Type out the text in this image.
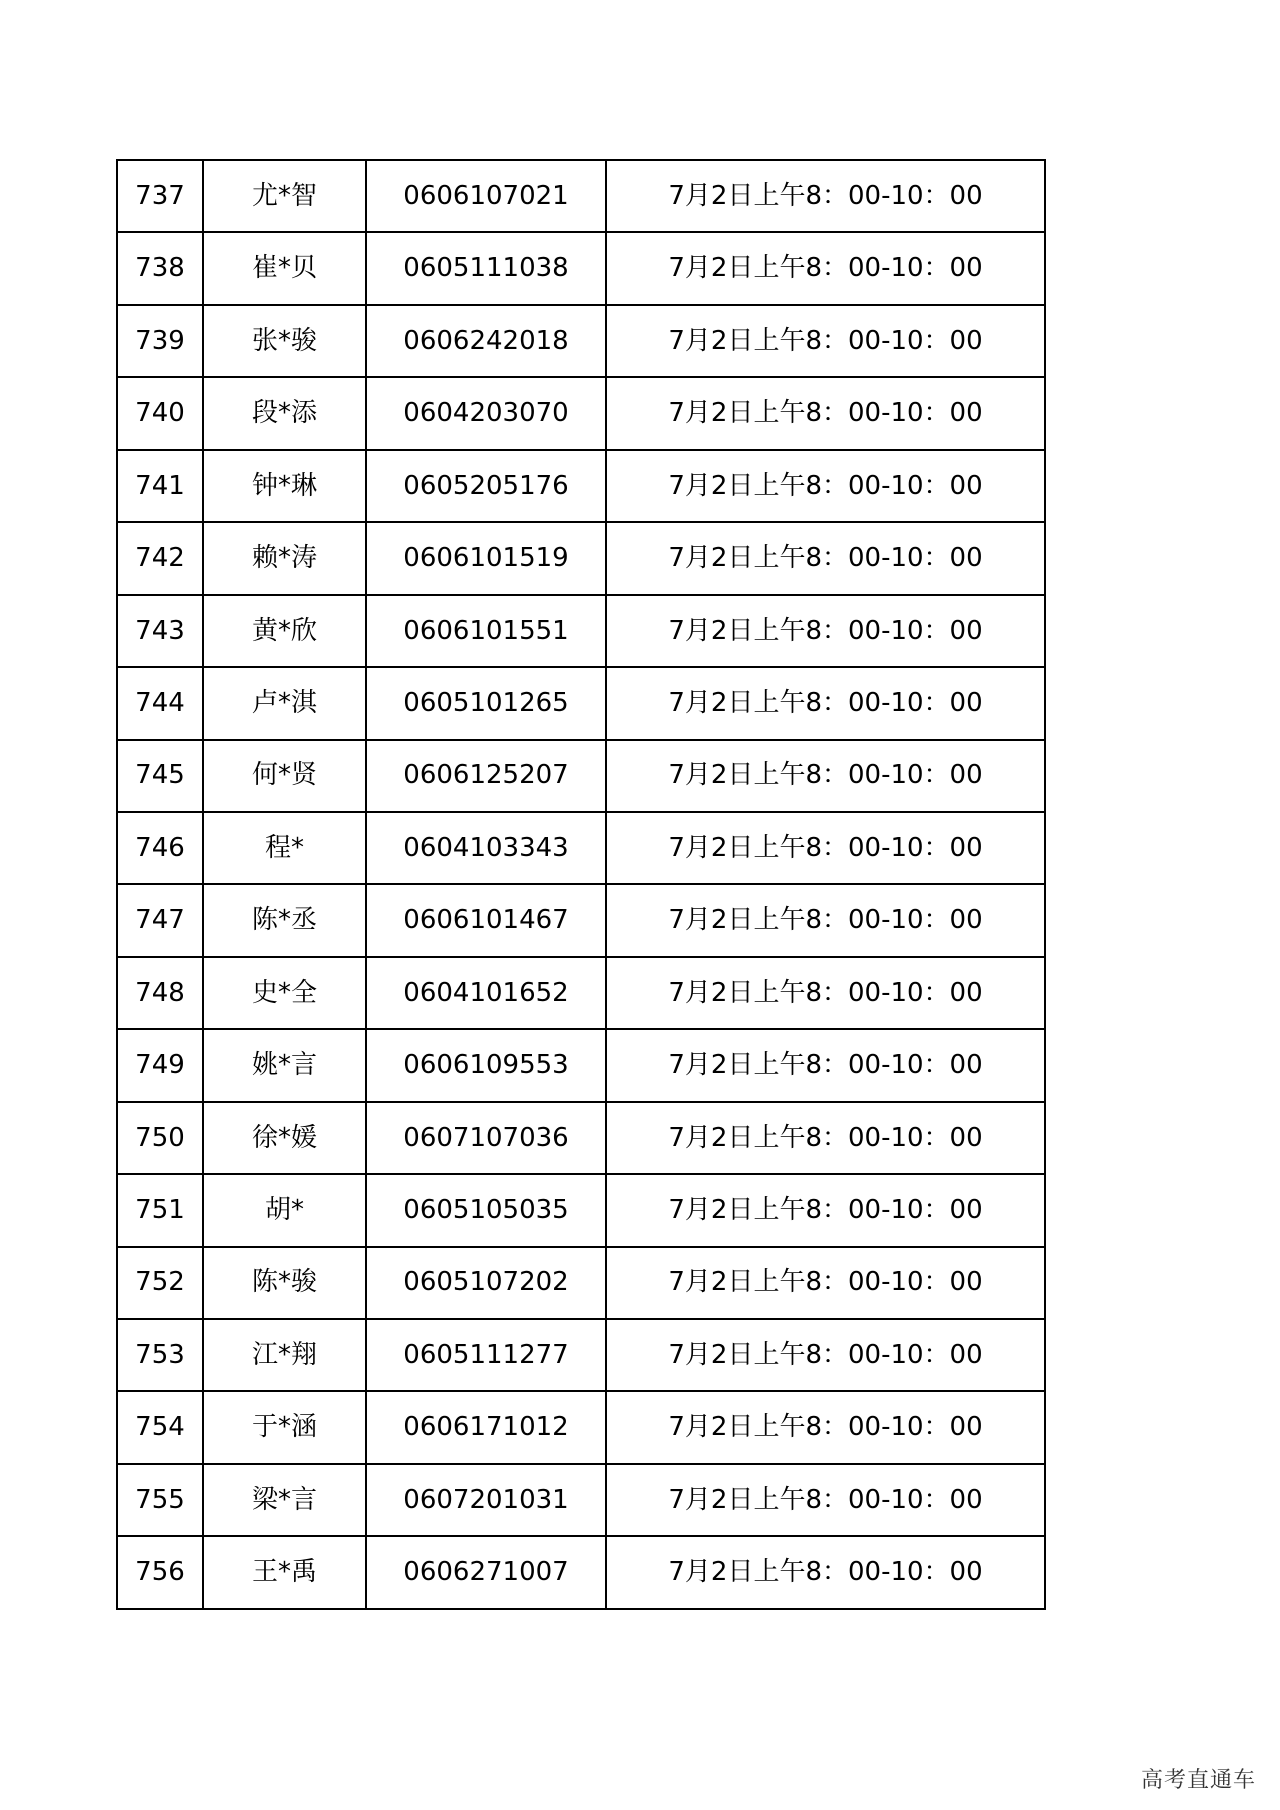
737	尤*智	0606107021	7月2日上午8：00-10：00
738	崔*贝	0605111038	7月2日上午8：00-10：00
739	张*骏	0606242018	7月2日上午8：00-10：00
740	段*添	0604203070	7月2日上午8：00-10：00
741	钟*琳	0605205176	7月2日上午8：00-10：00
742	赖*涛	0606101519	7月2日上午8：00-10：00
743	黄*欣	0606101551	7月2日上午8：00-10：00
744	卢*淇	0605101265	7月2日上午8：00-10：00
745	何*贤	0606125207	7月2日上午8：00-10：00
746	程*	0604103343	7月2日上午8：00-10：00
747	陈*丞	0606101467	7月2日上午8：00-10：00
748	史*全	0604101652	7月2日上午8：00-10：00
749	姚*言	0606109553	7月2日上午8：00-10：00
750	徐*媛	0607107036	7月2日上午8：00-10：00
751	胡*	0605105035	7月2日上午8：00-10：00
752	陈*骏	0605107202	7月2日上午8：00-10：00
753	江*翔	0605111277	7月2日上午8：00-10：00
754	于*涵	0606171012	7月2日上午8：00-10：00
755	梁*言	0607201031	7月2日上午8：00-10：00
756	王*禹	0606271007	7月2日上午8：00-10：00
高考直通车
